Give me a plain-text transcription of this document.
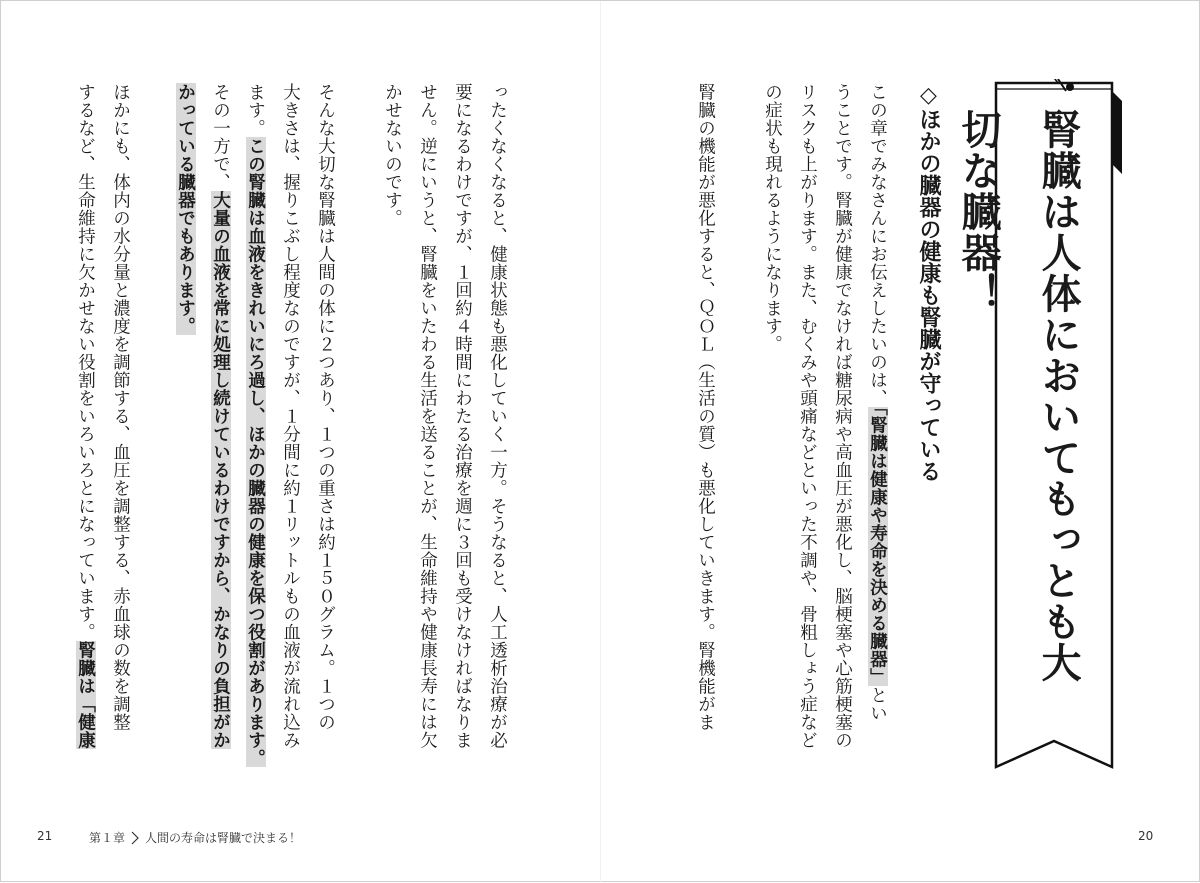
腎臓は人体においてもっとも大切な臓器！
◇ほかの臓器の健康も腎臓が守っている
この章でみなさんにお伝えしたいのは、「腎臓は健康や寿命を決める臓器」とい
うことです。腎臓が健康でなければ糖尿病や高血圧が悪化し、脳梗塞や心筋梗塞の
リスクも上がります。また、むくみや頭痛などといった不調や、骨粗しょう症など
の症状も現れるようになります。
腎臓の機能が悪化すると、ＱＯＬ（生活の質）も悪化していきます。腎機能がま
ったくなくなると、健康状態も悪化していく一方。そうなると、人工透析治療が必
要になるわけですが、１回約４時間にわたる治療を週に３回も受けなければなりま
せん。逆にいうと、腎臓をいたわる生活を送ることが、生命維持や健康長寿には欠
かせないのです。
そんな大切な腎臓は人間の体に２つあり、１つの重さは約１５０グラム。１つの
大きさは、握りこぶし程度なのですが、１分間に約１リットルもの血液が流れ込み
ます。この腎臓は血液をきれいにろ過し、ほかの臓器の健康を保つ役割があります。
その一方で、大量の血液を常に処理し続けているわけですから、かなりの負担がか
かっている臓器でもあります。
ほかにも、体内の水分量と濃度を調節する、血圧を調整する、赤血球の数を調整
するなど、生命維持に欠かせない役割をいろいろとになっています。腎臓は「健康
21	第１章 人間の寿命は腎臓で決まる！	20
